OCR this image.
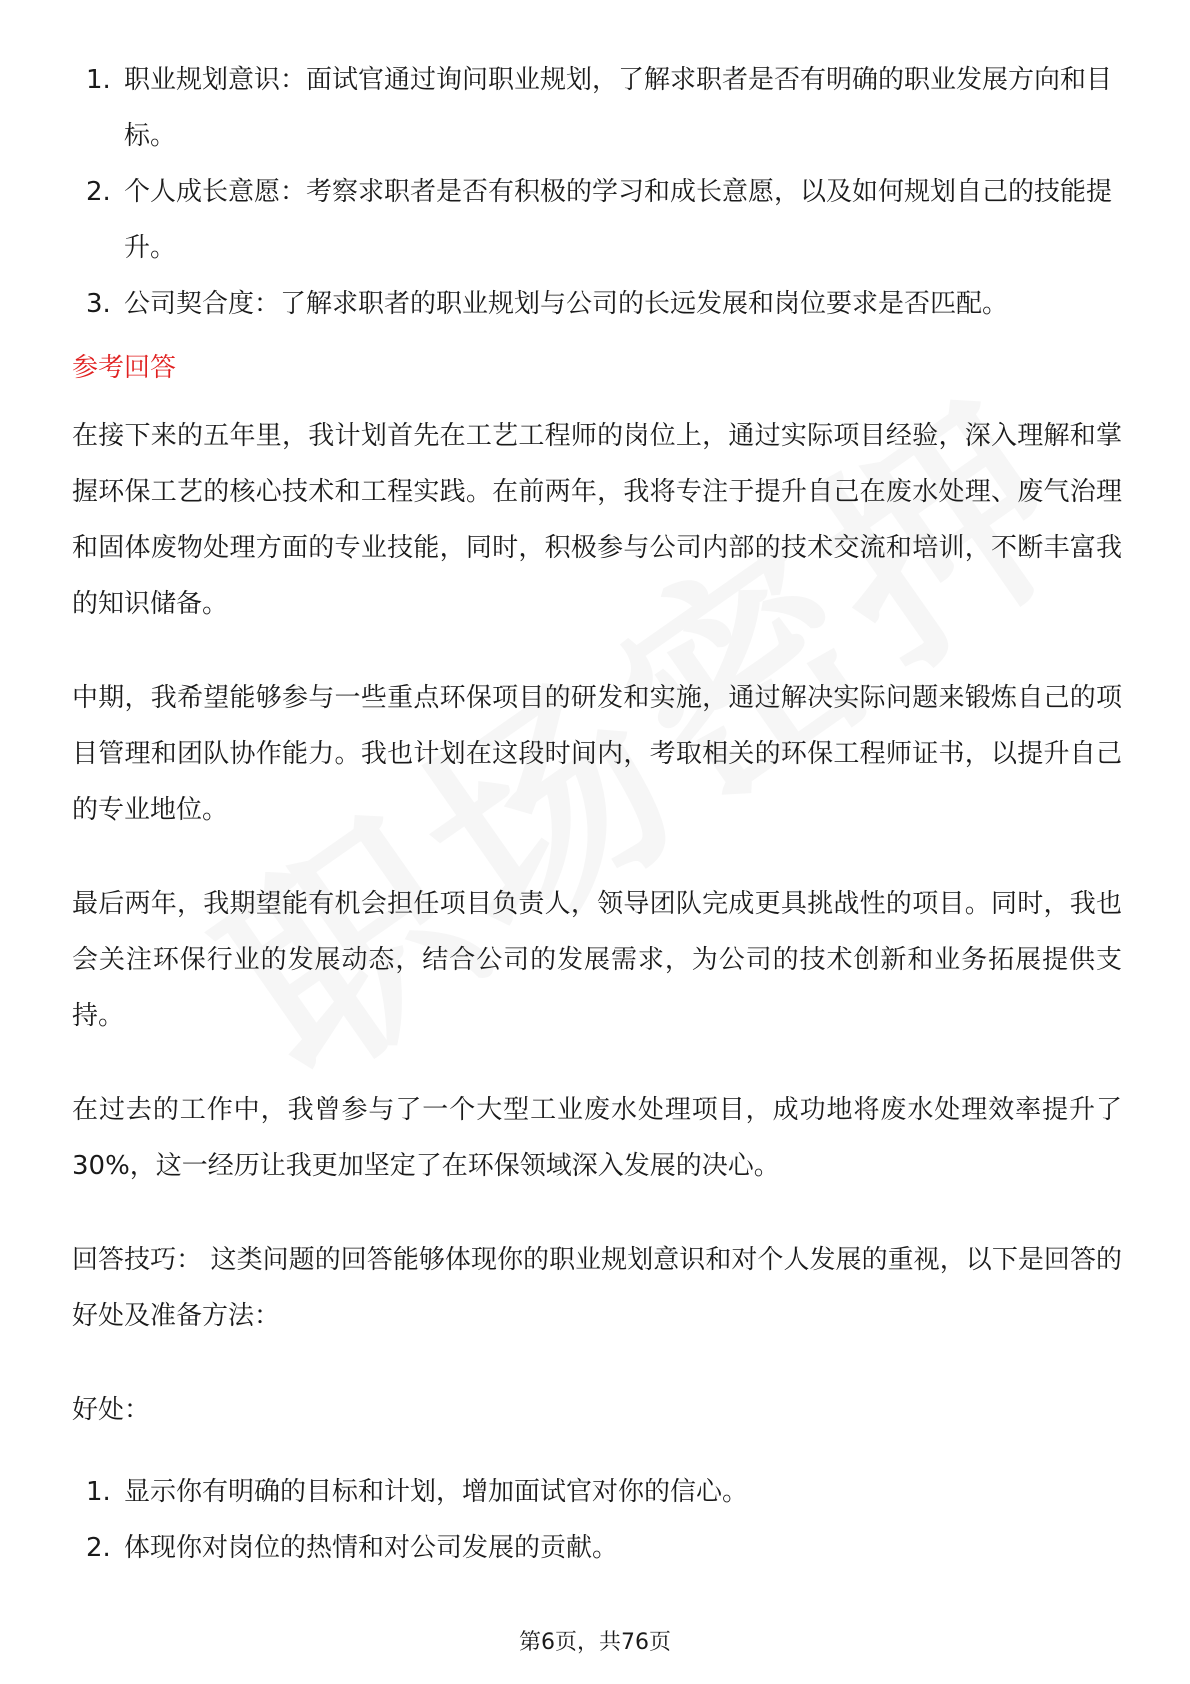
1. 职业规划意识：面试官通过询问职业规划，了解求职者是否有明确的职业发展方向和目标。
2. 个人成长意愿：考察求职者是否有积极的学习和成长意愿，以及如何规划自己的技能提升。
3. 公司契合度：了解求职者的职业规划与公司的长远发展和岗位要求是否匹配。
参考回答

在接下来的五年里，我计划首先在工艺工程师的岗位上，通过实际项目经验，深入理解和掌握环保工艺的核心技术和工程实践。在前两年，我将专注于提升自己在废水处理、废气治理和固体废物处理方面的专业技能，同时，积极参与公司内部的技术交流和培训，不断丰富我的知识储备。

中期，我希望能够参与一些重点环保项目的研发和实施，通过解决实际问题来锻炼自己的项目管理和团队协作能力。我也计划在这段时间内，考取相关的环保工程师证书，以提升自己的专业地位。

最后两年，我期望能有机会担任项目负责人，领导团队完成更具挑战性的项目。同时，我也会关注环保行业的发展动态，结合公司的发展需求，为公司的技术创新和业务拓展提供支持。

在过去的工作中，我曾参与了一个大型工业废水处理项目，成功地将废水处理效率提升了30%，这一经历让我更加坚定了在环保领域深入发展的决心。

回答技巧： 这类问题的回答能够体现你的职业规划意识和对个人发展的重视，以下是回答的好处及准备方法：

好处：

1. 显示你有明确的目标和计划，增加面试官对你的信心。
2. 体现你对岗位的热情和对公司发展的贡献。
第6页，共76页
